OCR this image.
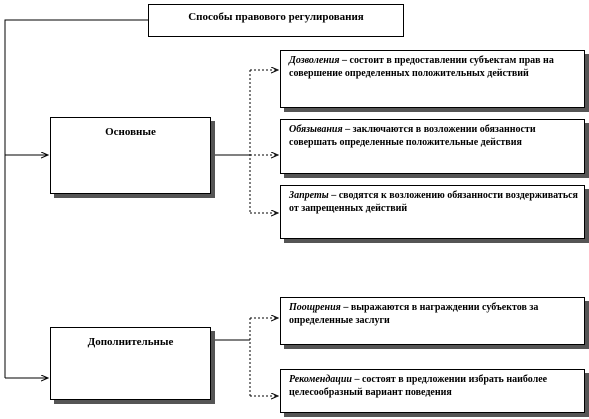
Способы правового регулирования
Основные
Дополнительные
Дозволения – состоит в предоставлении субъектам прав на совершение определенных положительных действий
Обязывания – заключаются в возложении обязанности совершать определенные положительные действия
Запреты – сводятся к возложению обязанности воздерживаться от запрещенных действий
Поощрения – выражаются в награждении субъектов за определенные заслуги
Рекомендации – состоят в предложении избрать наиболее целесообразный вариант поведения
